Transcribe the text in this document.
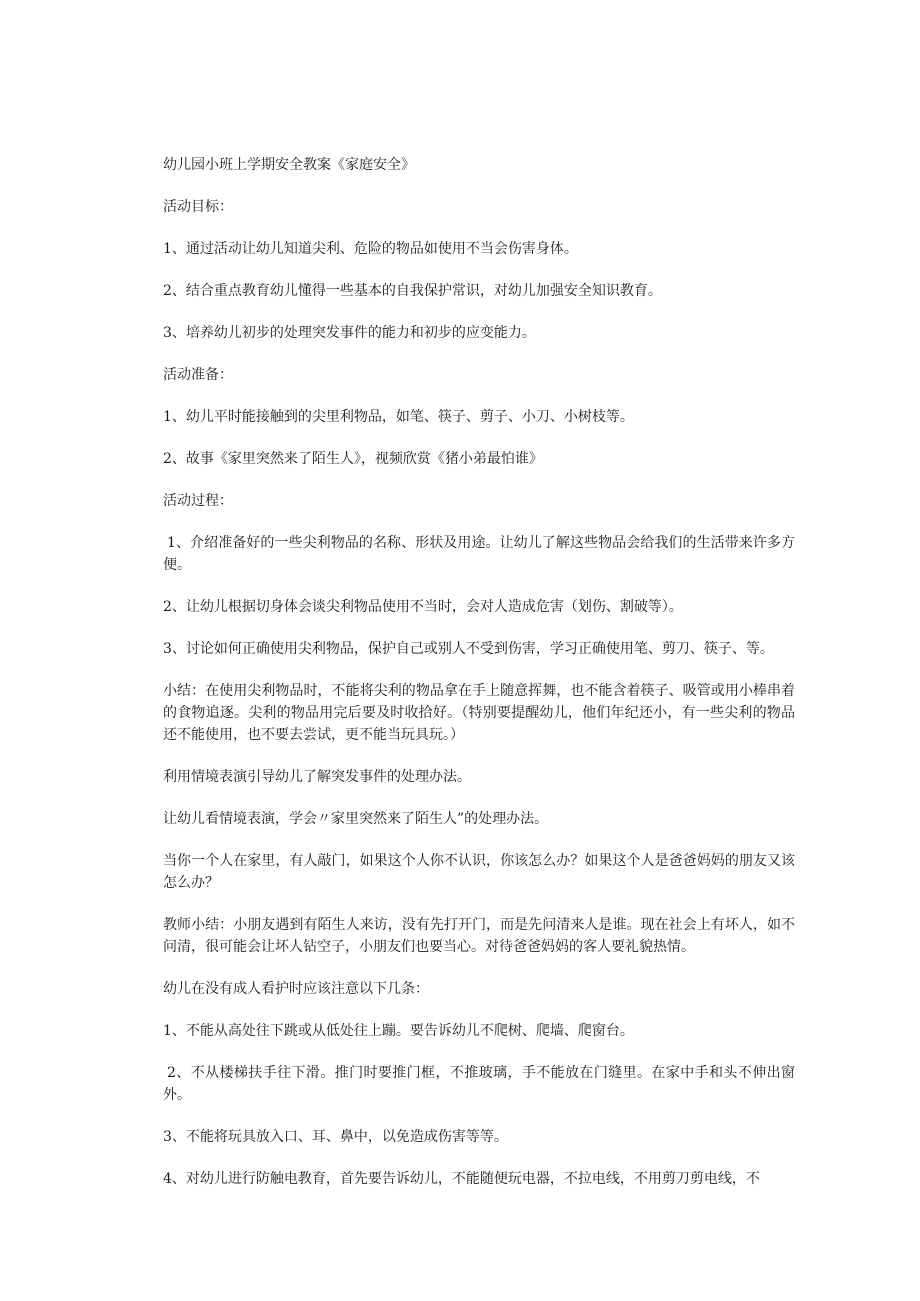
幼儿园小班上学期安全教案《家庭安全》

活动目标：

1、通过活动让幼儿知道尖利、危险的物品如使用不当会伤害身体。

2、结合重点教育幼儿懂得一些基本的自我保护常识，对幼儿加强安全知识教育。

3、培养幼儿初步的处理突发事件的能力和初步的应变能力。

活动准备：

1、幼儿平时能接触到的尖里利物品，如笔、筷子、剪子、小刀、小树枝等。

2、故事《家里突然来了陌生人》，视频欣赏《猪小弟最怕谁》

活动过程：

1、介绍准备好的一些尖利物品的名称、形状及用途。让幼儿了解这些物品会给我们的生活带来许多方便。

2、让幼儿根据切身体会谈尖利物品使用不当时，会对人造成危害（划伤、割破等）。

3、讨论如何正确使用尖利物品，保护自己或别人不受到伤害，学习正确使用笔、剪刀、筷子、等。

小结：在使用尖利物品时，不能将尖利的物品拿在手上随意挥舞，也不能含着筷子、吸管或用小棒串着的食物追逐。尖利的物品用完后要及时收拾好。（特别要提醒幼儿，他们年纪还小，有一些尖利的物品还不能使用，也不要去尝试，更不能当玩具玩。）

利用情境表演引导幼儿了解突发事件的处理办法。

让幼儿看情境表演，学会〃家里突然来了陌生人”的处理办法。

当你一个人在家里，有人敲门，如果这个人你不认识，你该怎么办？如果这个人是爸爸妈妈的朋友又该怎么办？

教师小结：小朋友遇到有陌生人来访，没有先打开门，而是先问清来人是谁。现在社会上有坏人，如不问清，很可能会让坏人钻空子，小朋友们也要当心。对待爸爸妈妈的客人要礼貌热情。

幼儿在没有成人看护时应该注意以下几条：

1、不能从高处往下跳或从低处往上蹦。要告诉幼儿不爬树、爬墙、爬窗台。

2、不从楼梯扶手往下滑。推门时要推门框，不推玻璃，手不能放在门缝里。在家中手和头不伸出窗外。

3、不能将玩具放入口、耳、鼻中，以免造成伤害等等。

4、对幼儿进行防触电教育，首先要告诉幼儿，不能随便玩电器，不拉电线，不用剪刀剪电线，不
